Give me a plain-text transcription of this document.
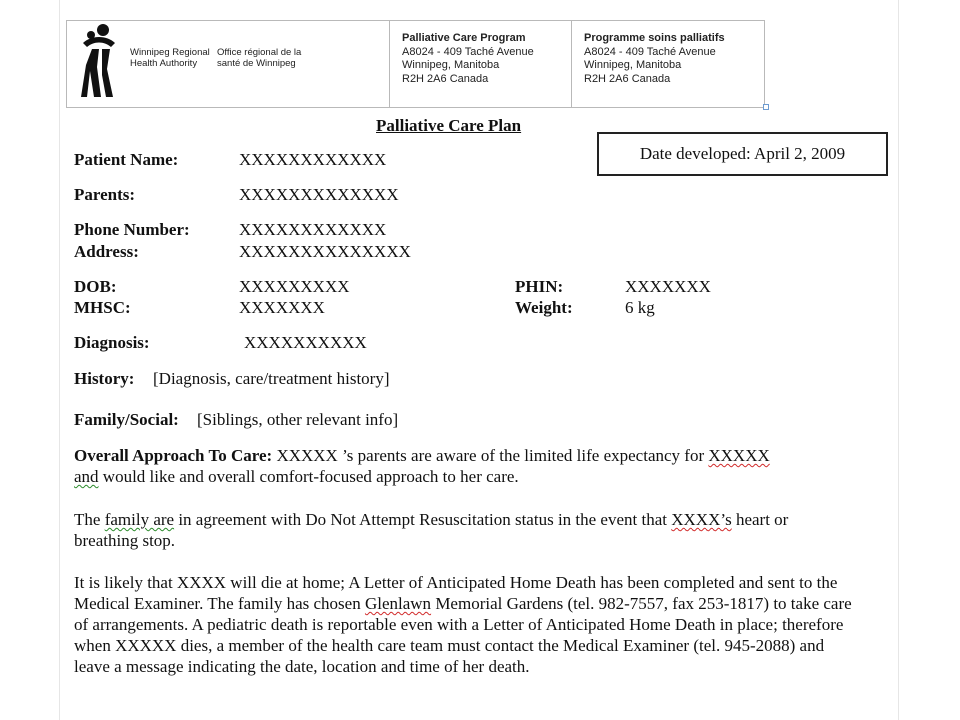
Winnipeg Regional
Health Authority
Office régional de la
santé de Winnipeg
Palliative Care Program
A8024 - 409 Taché Avenue
Winnipeg, Manitoba
R2H 2A6 Canada
Programme soins palliatifs
A8024 - 409 Taché Avenue
Winnipeg, Manitoba
R2H 2A6 Canada
Palliative Care Plan
Date developed: April 2, 2009
Patient Name:	XXXXXXXXXXXX
Parents:	XXXXXXXXXXXXX
Phone Number:	XXXXXXXXXXXX
Address:	XXXXXXXXXXXXXX
DOB:	XXXXXXXXX
MHSC:	XXXXXXX
PHIN:	XXXXXXX
Weight:	6 kg
Diagnosis:	XXXXXXXXXX
History: [Diagnosis, care/treatment history]
Family/Social: [Siblings, other relevant info]
Overall Approach To Care: XXXXX ’s parents are aware of the limited life expectancy for XXXXX
and would like and overall comfort-focused approach to her care.
The family are in agreement with Do Not Attempt Resuscitation status in the event that XXXX’s heart or breathing stop.
It is likely that XXXX will die at home; A Letter of Anticipated Home Death has been completed and sent to the Medical Examiner. The family has chosen Glenlawn Memorial Gardens (tel. 982-7557, fax 253-1817) to take care of arrangements. A pediatric death is reportable even with a Letter of Anticipated Home Death in place; therefore when XXXXX dies, a member of the health care team must contact the Medical Examiner (tel. 945-2088) and leave a message indicating the date, location and time of her death.
